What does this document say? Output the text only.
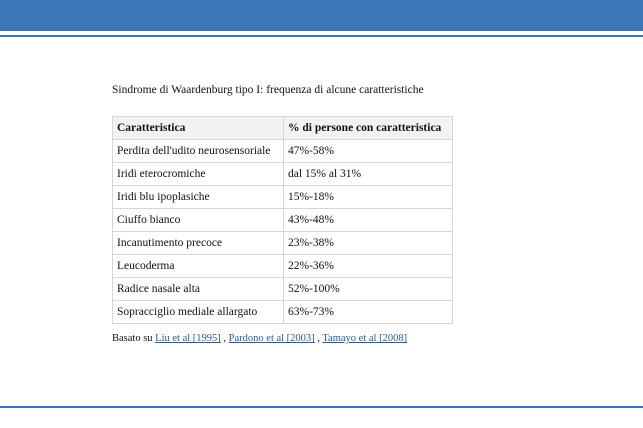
Sindrome di Waardenburg tipo I: frequenza di alcune caratteristiche
Caratteristica	% di persone con caratteristica
Perdita dell'udito neurosensoriale	47%-58%
Iridi eterocromiche	dal 15% al 31%
Iridi blu ipoplasiche	15%-18%
Ciuffo bianco	43%-48%
Incanutimento precoce	23%-38%
Leucoderma	22%-36%
Radice nasale alta	52%-100%
Sopracciglio mediale allargato	63%-73%
Basato su Liu et al [1995] , Pardono et al [2003] , Tamayo et al [2008]
